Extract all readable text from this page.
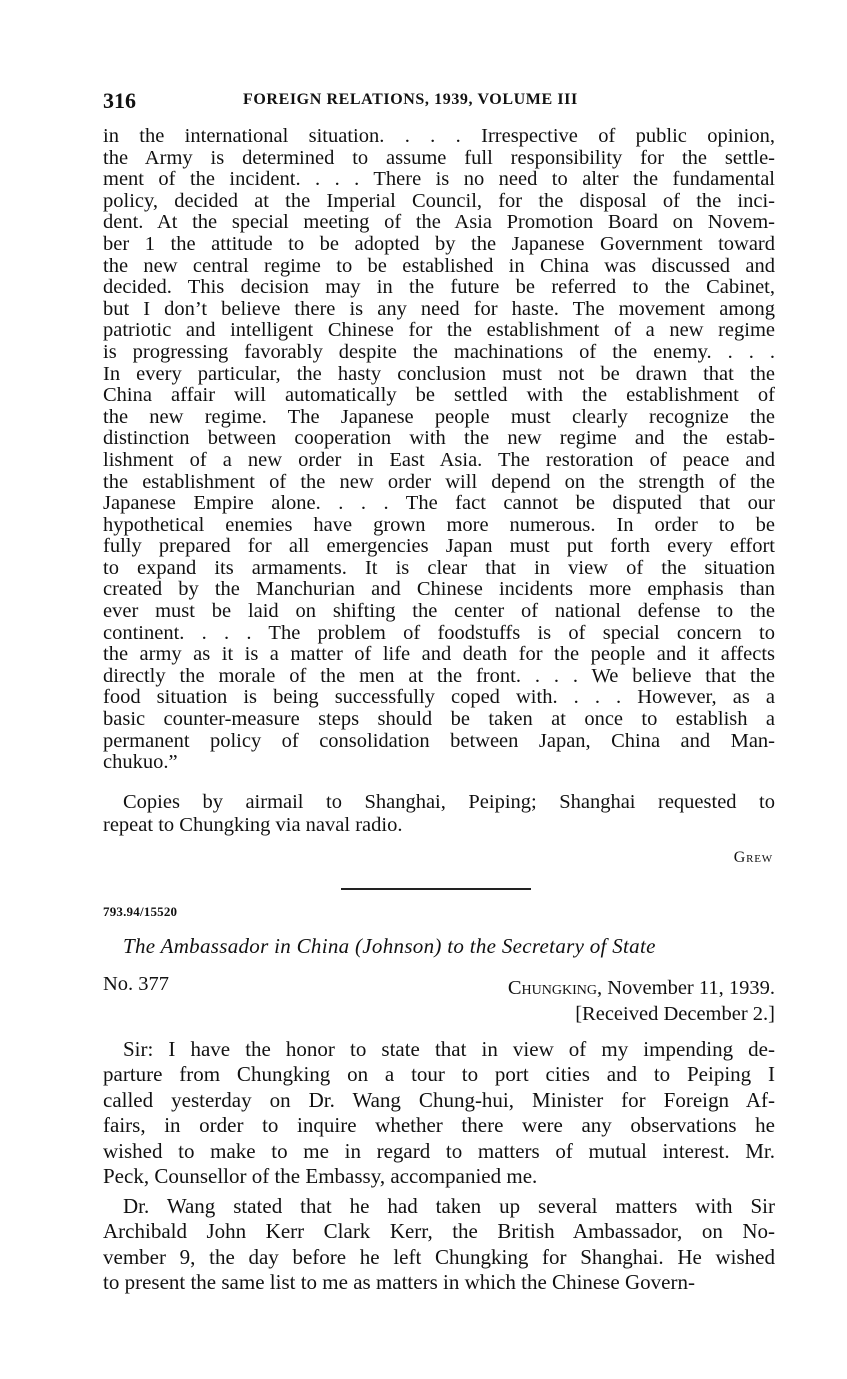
316	FOREIGN RELATIONS, 1939, VOLUME III
in the international situation. . . . Irrespective of public opinion,
the Army is determined to assume full responsibility for the settle-
ment of the incident. . . . There is no need to alter the fundamental
policy, decided at the Imperial Council, for the disposal of the inci-
dent. At the special meeting of the Asia Promotion Board on Novem-
ber 1 the attitude to be adopted by the Japanese Government toward
the new central regime to be established in China was discussed and
decided. This decision may in the future be referred to the Cabinet,
but I don’t believe there is any need for haste. The movement among
patriotic and intelligent Chinese for the establishment of a new regime
is progressing favorably despite the machinations of the enemy. . . .
In every particular, the hasty conclusion must not be drawn that the
China affair will automatically be settled with the establishment of
the new regime. The Japanese people must clearly recognize the
distinction between cooperation with the new regime and the estab-
lishment of a new order in East Asia. The restoration of peace and
the establishment of the new order will depend on the strength of the
Japanese Empire alone. . . . The fact cannot be disputed that our
hypothetical enemies have grown more numerous. In order to be
fully prepared for all emergencies Japan must put forth every effort
to expand its armaments. It is clear that in view of the situation
created by the Manchurian and Chinese incidents more emphasis than
ever must be laid on shifting the center of national defense to the
continent. . . . The problem of foodstuffs is of special concern to
the army as it is a matter of life and death for the people and it affects
directly the morale of the men at the front. . . . We believe that the
food situation is being successfully coped with. . . . However, as a
basic counter-measure steps should be taken at once to establish a
permanent policy of consolidation between Japan, China and Man-
chukuo.”
Copies by airmail to Shanghai, Peiping; Shanghai requested to
repeat to Chungking via naval radio.
Grew
793.94/15520
The Ambassador in China (Johnson) to the Secretary of State
No. 377	Chungking, November 11, 1939.
[Received December 2.]
Sir: I have the honor to state that in view of my impending de-
parture from Chungking on a tour to port cities and to Peiping I
called yesterday on Dr. Wang Chung-hui, Minister for Foreign Af-
fairs, in order to inquire whether there were any observations he
wished to make to me in regard to matters of mutual interest. Mr.
Peck, Counsellor of the Embassy, accompanied me.
Dr. Wang stated that he had taken up several matters with Sir
Archibald John Kerr Clark Kerr, the British Ambassador, on No-
vember 9, the day before he left Chungking for Shanghai. He wished
to present the same list to me as matters in which the Chinese Govern-
